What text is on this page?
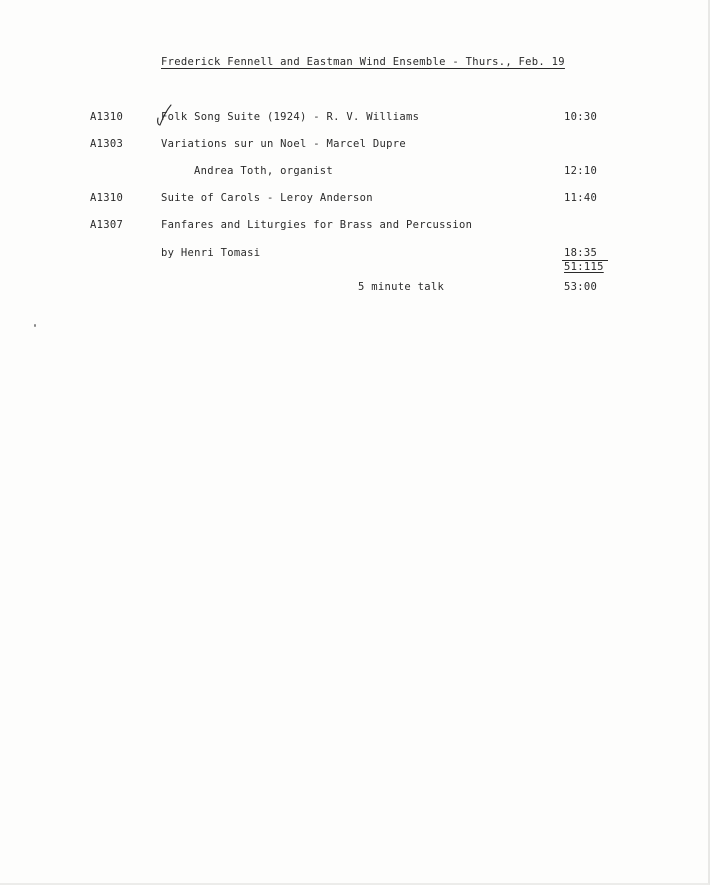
Frederick Fennell and Eastman Wind Ensemble - Thurs., Feb. 19
A1310	Folk Song Suite (1924) - R. V. Williams	10:30
A1303	Variations sur un Noel - Marcel Dupre
Andrea Toth, organist	12:10
A1310	Suite of Carols - Leroy Anderson	11:40
A1307	Fanfares and Liturgies for Brass and Percussion
by Henri Tomasi	18:35
51:115
5 minute talk	53:00
